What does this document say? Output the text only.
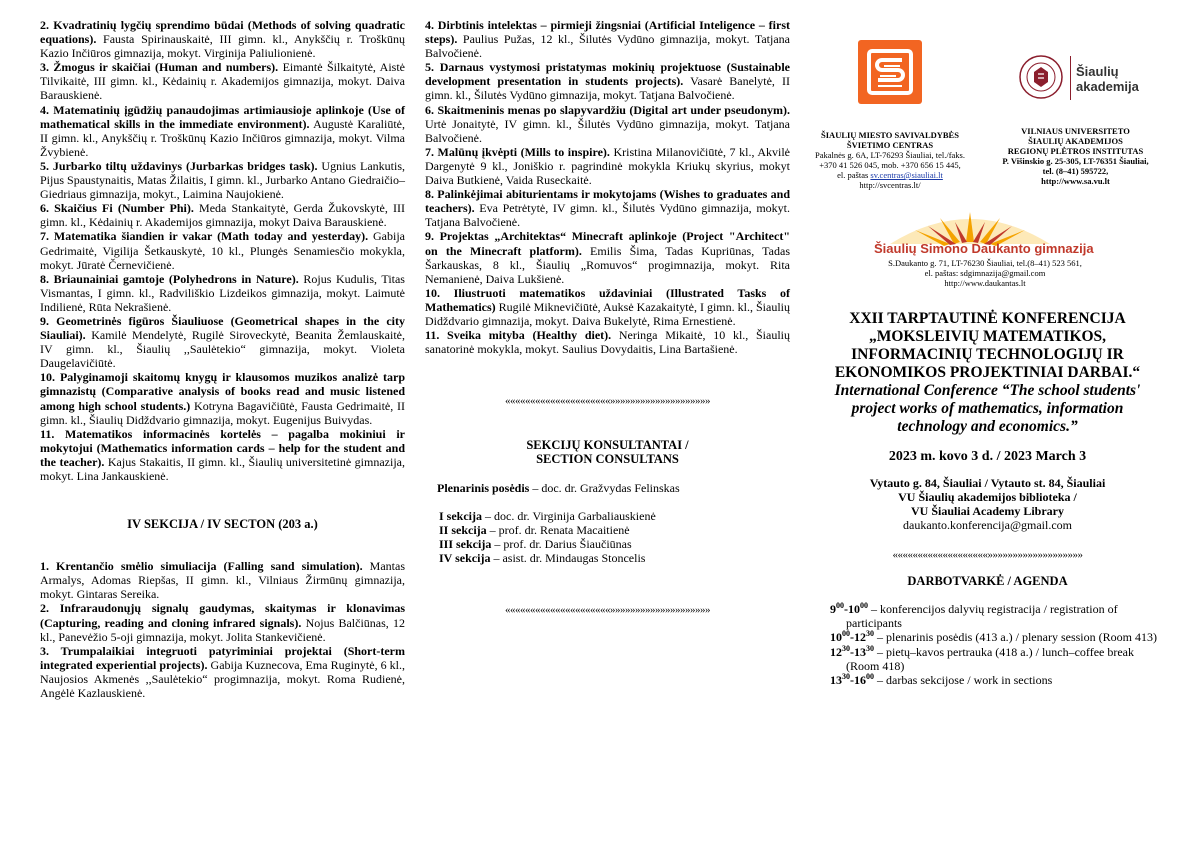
2. Kvadratinių lygčių sprendimo būdai (Methods of solving quadratic equations). Fausta Spirinauskaitė, III gimn. kl., Anykščių r. Troškūnų Kazio Inčiūros gimnazija, mokyt. Virginija Paliulionienė.

3. Žmogus ir skaičiai (Human and numbers). Eimantė Šilkaitytė, Aistė Tilvikaitė, III gimn. kl., Kėdainių r. Akademijos gimnazija, mokyt. Daiva Barauskienė.

4. Matematinių įgūdžių panaudojimas artimiausioje aplinkoje (Use of mathematical skills in the immediate environment). Augustė Karaliūtė, II gimn. kl., Anykščių r. Troškūnų Kazio Inčiūros gimnazija, mokyt. Vilma Žvybienė.

5. Jurbarko tiltų uždavinys (Jurbarkas bridges task). Ugnius Lankutis, Pijus Spaustynaitis, Matas Žilaitis, I gimn. kl., Jurbarko Antano Giedraičio–Giedriaus gimnazija, mokyt., Laimina Naujokienė.

6. Skaičius Fi (Number Phi). Meda Stankaitytė, Gerda Žukovskytė, III gimn. kl., Kėdainių r. Akademijos gimnazija, mokyt Daiva Barauskienė.

7. Matematika šiandien ir vakar (Math today and yesterday). Gabija Gedrimaitė, Vigilija Šetkauskytė, 10 kl., Plungės Senamiesčio mokykla, mokyt. Jūratė Černevičienė.

8. Briaunainiai gamtoje (Polyhedrons in Nature). Rojus Kudulis, Titas Vismantas, I gimn. kl., Radviliškio Lizdeikos gimnazija, mokyt. Laimutė Indilienė, Rūta Nekrašienė.

9. Geometrinės figūros Šiauliuose (Geometrical shapes in the city Siauliai). Kamilė Mendelytė, Rugilė Siroveckytė, Beanita Žemlauskaitė, IV gimn. kl., Šiaulių ,,Saulėtekio“ gimnazija, mokyt. Violeta Daugelavičiūtė.

10. Palyginamoji skaitomų knygų ir klausomos muzikos analizė tarp gimnazistų (Comparative analysis of books read and music listened among high school students.) Kotryna Bagavičiūtė, Fausta Gedrimaitė, II gimn. kl., Šiaulių Didždvario gimnazija, mokyt. Eugenijus Buivydas.

11. Matematikos informacinės kortelės – pagalba mokiniui ir mokytojui (Mathematics information cards – help for the student and the teacher). Kajus Stakaitis, II gimn. kl., Šiaulių universitetinė gimnazija, mokyt. Lina Jankauskienė.

IV SEKCIJA / IV SECTON (203 a.)

1. Krentančio smėlio simuliacija (Falling sand simulation). Mantas Armalys, Adomas Riepšas, II gimn. kl., Vilniaus Žirmūnų gimnazija, mokyt. Gintaras Sereika.

2. Infraraudonųjų signalų gaudymas, skaitymas ir klonavimas (Capturing, reading and cloning infrared signals). Nojus Balčiūnas, 12 kl., Panevėžio 5-oji gimnazija, mokyt. Jolita Stankevičienė.

3. Trumpalaikiai integruoti patyriminiai projektai (Short-term integrated experiential projects). Gabija Kuznecova, Ema Ruginytė, 6 kl., Naujosios Akmenės ,,Saulėtekio“ progimnazija, mokyt. Roma Rudienė, Angėlė Kazlauskienė.

4. Dirbtinis intelektas – pirmieji žingsniai (Artificial Inteligence – first steps). Paulius Pužas, 12 kl., Šilutės Vydūno gimnazija, mokyt. Tatjana Balvočienė.

5. Darnaus vystymosi pristatymas mokinių projektuose (Sustainable development presentation in students projects). Vasarė Banelytė, II gimn. kl., Šilutės Vydūno gimnazija, mokyt. Tatjana Balvočienė.

6. Skaitmeninis menas po slapyvardžiu (Digital art under pseudonym). Urtė Jonaitytė, IV gimn. kl., Šilutės Vydūno gimnazija, mokyt. Tatjana Balvočienė.

7. Malūnų įkvėpti (Mills to inspire). Kristina Milanovičiūtė, 7 kl., Akvilė Dargenytė 9 kl., Joniškio r. pagrindinė mokykla Kriukų skyrius, mokyt Daiva Butkienė, Vaida Ruseckaitė.

8. Palinkėjimai abiturientams ir mokytojams (Wishes to graduates and teachers). Eva Petrėtytė, IV gimn. kl., Šilutės Vydūno gimnazija, mokyt. Tatjana Balvočienė.

9. Projektas „Architektas“ Minecraft aplinkoje (Project "Architect" on the Minecraft platform). Emilis Šima, Tadas Kupriūnas, Tadas Šarkauskas, 8 kl., Šiaulių „Romuvos“ progimnazija, mokyt. Rita Nemanienė, Daiva Lukšienė.

10. Iliustruoti matematikos uždaviniai (Illustrated Tasks of Mathematics) Rugilė Miknevičiūtė, Auksė Kazakaitytė, I gimn. kl., Šiaulių Didždvario gimnazija, mokyt. Daiva Bukelytė, Rima Ernestienė.

11. Sveika mityba (Healthy diet). Neringa Mikaitė, 10 kl., Šiaulių sanatorinė mokykla, mokyt. Saulius Dovydaitis, Lina Bartašienė.

«««««««««««««««««««««»»»»»»»»»»»»»»»»»»»»
SEKCIJŲ KONSULTANTAI /
SECTION CONSULTANS
Plenarinis posėdis – doc. dr. Gražvydas Felinskas
I sekcija – doc. dr. Virginija Garbaliauskienė
II sekcija – prof. dr. Renata Macaitienė
III sekcija – prof. dr. Darius Šiaučiūnas
IV sekcija – asist. dr. Mindaugas Stoncelis
«««««««««««««««««««««»»»»»»»»»»»»»»»»»»»»
ŠIAULIŲ MIESTO SAVIVALDYBĖS
ŠVIETIMO CENTRAS
Pakalnės g. 6A, LT-76293 Šiauliai, tel./faks.
+370 41 526 045, mob. +370 656 15 445,
el. paštas sv.centras@siauliai.lt
http://svcentras.lt/
Šiaulių
akademija
VILNIAUS UNIVERSITETO
ŠIAULIŲ AKADEMIJOS
REGIONŲ PLĖTROS INSTITUTAS
P. Višinskio g. 25-305, LT-76351 Šiauliai,
tel. (8–41) 595722,
http://www.sa.vu.lt
Šiaulių Simono Daukanto gimnazija
S.Daukanto g. 71, LT-76230 Šiauliai, tel.(8–41) 523 561,
el. paštas: sdgimnazija@gmail.com
http://www.daukantas.lt
XXII TARPTAUTINĖ KONFERENCIJA
„MOKSLEIVIŲ MATEMATIKOS,
INFORMACINIŲ TECHNOLOGIJŲ IR
EKONOMIKOS PROJEKTINIAI DARBAI.“
International Conference “The school students'
project works of mathematics, information
technology and economics.”
2023 m. kovo 3 d. / 2023 March 3
Vytauto g. 84, Šiauliai / Vytauto st. 84, Šiauliai
VU Šiaulių akademijos biblioteka /
VU Šiauliai Academy Library
daukanto.konferencija@gmail.com
«««««««««««««««««««»»»»»»»»»»»»»»»»»»»
DARBOTVARKĖ / AGENDA
$9^{00}-10^{00}$ – konferencijos dalyvių registracija / registration of participants
$10^{00}-12^{30}$ – plenarinis posėdis (413 a.) / plenary session (Room 413)
$12^{30}-13^{30}$ – pietų–kavos pertrauka (418 a.) / lunch–coffee break (Room 418)
$13^{30}-16^{00}$ – darbas sekcijose / work in sections
